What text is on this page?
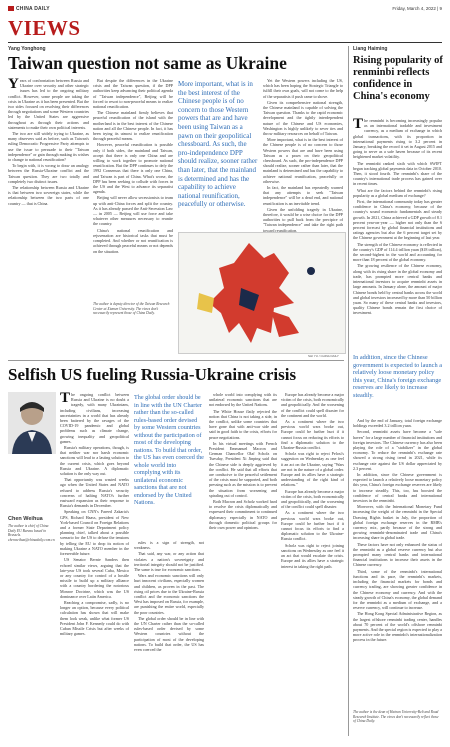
CHINA DAILY	Friday, March 4, 2022 | 9
VIEWS
Yang Yonghong
Taiwan question not same as Ukraine

Years of confrontation between Russia and Ukraine over security and other strategic issues has led to the ongoing military conflict. However, some people are taking the crisis in Ukraine as it has been presented. But the two sides focused on resolving their differences through negotiations and some Western countries led by the United States are aggressive throughout as through their actions and statements to make their own political interests.

The two are still widely trying to Ukraine, as many observers said as before, such as Taiwan's ruling Democratic Progressive Party attempts to use the issue to persuade to their "Taiwan independence" or gain through making its wishes to change to national reunification?

To begin with, it is wrong to draw an analogy between the Russia-Ukraine conflict and the Taiwan question. They are two totally and completely two distinct issues.

The relationship between Russia and Ukraine is that between two sovereign states, while the relationship between the two parts of one country — that is China.

But despite the differences in the Ukraine crisis and the Taiwan question, if the DPP authorities keep advancing their political agenda of "Taiwan independence", Beijing will be forced to resort to non-peaceful means to realize national reunification.

The Chinese mainland firmly believes that peaceful reunification of the island with the motherland is in the best interest of the Chinese nation and all the Chinese people. In fact, it has been trying its utmost to realize reunification through peaceful means.

However, peaceful reunification is possible only if both sides, the mainland and Taiwan, accept that there is only one China and are willing to work together to promote national reunification. But the DPP continues to defy the 1992 Consensus that there is only one China, and Taiwan is part of China. What's worse, the DPP has been seeking to collude with forces in the US and the West to advance its separatist agenda.

Beijing will never allow secessionists to team up with anti-China forces and split the country. As it has already passed the Anti-Secession Law — in 2005 — Beijing will use force and take whatever other measures necessary to reunite the country.

China's national reunification and rejuvenation are historical tasks that must be completed. And whether or not reunification is achieved through peaceful means or not depends on the situation.

More important, what is in the best interest of the Chinese people is of no concern to those Western powers that are and have been using Taiwan as a pawn on their geopolitical chessboard. As such, the pro-independence DPP should realize, sooner rather than later, that the mainland is determined and has the capability to achieve national reunification, peacefully or otherwise.

Yet the Western powers including the US, which has been hoping the Strategic Triangle to fulfill their own goals, will not come to the help of the separatists if push came to shove.

Given its comprehensive national strength, the Chinese mainland is capable of solving the Taiwan question. Thanks to the rapid economic development and the tightly interdependent nature of the Chinese and US economies, Washington is highly unlikely to sever ties and throw military resources on behalf of Taiwan.

More important, what is in the best interest of the Chinese people is of no concern to those Western powers that are and have been using Taiwan as a pawn on their geopolitical chessboard. As such, the pro-independence DPP should realize, sooner rather than later, that the mainland is determined and has the capability to achieve national reunification, peacefully or otherwise.

In fact, the mainland has repeatedly warned that any attempts to seek "Taiwan independence" will be a dead end, and national reunification is an inevitable trend.

Given the unfolding tragedy in Ukraine, therefore, it would be a wise choice for the DPP authorities to pull back from the precipice of "Taiwan independence" and take the right path toward reunification.

SHI YU / CHINA DAILY
The author is deputy director of the Taiwan Research Center at Xiamen University. The views don't necessarily represent those of China Daily.
Liang Haiming
Rising popularity of renminbi reflects confidence in China's economy

The renminbi is becoming increasingly popular as an international tradable and investment currency, as a medium of exchange in which global transactions, with its proportion in international payments rising to 3.2 percent in January, breaking the record it set in August 2015 and going to serve as a safe haven because of its recent heightened market volatility.

The renminbi ranked sixth with which SWIFT began tracking global payments data in October 2010. Then, it stood fourth. The renminbi's share of the country's international trade process has gained over in recent times.

What are the factors behind the renminbi's rising popularity as a global medium of exchange?

First, the international community today has greater confidence in China's economy, because of the country's sound economic fundamentals and steady growth. In 2021, China achieved a GDP growth of 8.1 percent year-on-year — higher not only than the 6 percent forecast by global financial institutions and ratings agencies but also the 6 percent target set by the Chinese government at the beginning of last year.

The strength of the Chinese economy is reflected in the country's GDP of 114.4 trillion yuan ($18 trillion), the second-highest in the world and accounting for more than 18 percent of the global economy.

The growing resilience of the Chinese economy, along with its rising share in the global economy and trade, has prompted more central banks and international investors to acquire renminbi assets in large amounts. In January alone, the amount of major Chinese bonds held by central banks across the world and global investors increased by more than 50 billion yuan. So many of these central banks and investors, quality Chinese bonds remain the first choice of investment.

In addition, since the Chinese government is expected to launch a relatively loose monetary policy this year, China's foreign exchange reserves are likely to increase steadily.

And by the end of January, total foreign exchange holdings exceeded 3.2 trillion yuan.

Second, renminbi assets have become a "safe haven" for a large number of financial institutions and foreign investors. The Chinese currency has also been playing the role of a "stabilizer" in the global economy. To reduce the renminbi's exchange rate showed a strong rising trend in 2021, while its exchange rate against the US dollar appreciated by 2.3 percent.

In addition, since the Chinese government is expected to launch a relatively loose monetary policy this year, China's foreign exchange reserves are likely to increase steadily. This, too, has boosted the confidence of central banks and international investors in the renminbi.

Moreover, with the International Monetary Fund increasing the weight of the renminbi in the Special Drawing Rights basket in July, the proportion of global foreign exchange reserves in the RMB's currency mix, partly because of the strong and growing renminbi-denominated trade and China's increasing share in global trade.

These factors have not only enhanced the status of the renminbi as a global reserve currency but also prompted many central banks and international financial institutions to increase their assets in the Chinese currency.

Third, some of the renminbi's international functions and its pace, the renminbi's markets, including the financial markets for bonds and currency trading, are showing greater confidence in the Chinese economy and currency. And with the steady growth of China's economy, the global demand for the renminbi as a medium of exchange, and a reserve currency, will continue to increase.

The Hong Kong Special Administrative Region, as the largest offshore renminbi trading center, handles about 70 percent of the world's offshore renminbi payments. And the special region is expected to play a more active role in the renminbi's internationalization process in the future.

The author is the dean of Hainan University-Belt and Road Research Institute. The views don't necessarily reflect those of China Daily.
Selfish US fueling Russia-Ukraine crisis
Chen Weihua
The author is chief of China Daily EU Bureau based in Brussels. chenweihua@chinadaily.com.cn

The ongoing conflict between Russia and Ukraine is no doubt a tragedy, with many Ukrainians, including civilians, increasing uncertainties in a world that has already been battered by the ravages of the COVID-19 pandemic and global problems such as climate change, growing inequality and geopolitical games.

Russia's military operations, though, is that neither war nor harsh economic sanctions will lead to a lasting solution to the current crisis, which goes beyond Russia and Ukraine. A diplomatic solution is the only way out.

That opportunity was wasted weeks ago when the United States and NATO refused to address Russia's security concerns of halting NATO's further eastward expansion as their response to Russia's demands in December.

Speaking on CNN's Fareed Zakaria's GPS, Richard Haass, president of New York-based Council on Foreign Relations and a former State Department policy planning chief, talked about a possible scenario for the US to defuse the tensions by telling the EU to drop its notion of making Ukraine a NATO member in the foreseeable future.

US Senator Bernie Sanders then echoed similar views, arguing that the late-year US took several Cuba, Mexico or any country for control of a hostile missile to build up a military alliance with a country bordering the notorious Monroe Doctrine, which was the US dominance over Latin America.

Reaching a compromise, sadly, is no longer an option, because every political calculation has shown that will make them look weak, unlike what former US President John F. Kennedy could do with Cuban Missile Crisis but after weeks of military games.

The global order should be in line with the UN Charter rather than the so-called rules-based order devised by some Western countries without the participation of most of the developing nations. To build that order, the US has even coerced the whole world into complying with its unilateral economic sanctions that are not endorsed by the United Nations.

rules is a sign of strength, not weakness.

That said, any war, or any action that violates a nation's sovereignty and territorial integrity should not be justified. The same is true for economic sanctions.

Wars and economic sanctions will only hurt innocent civilians, especially women and children, as proven in the past. The rising oil prices due to the Ukraine-Russia conflict and the economic sanctions the West has imposed on Russia, for example, are punishing the entire world, especially the poor countries.

The global order should be in line with the UN Charter rather than the so-called rules-based order devised by some Western countries without the participation of most of the developing nations. To build that order, the US has even coerced the

whole world into complying with its unilateral economic sanctions that are not endorsed by the United Nations.

The White House flatly rejected the notion that China is not taking a side, in the conflict, unlike some countries that have gone that with anti-war side and said in good faith to the crisis, efforts for peace negotiations.

In his virtual meetings with French President Emmanuel Macron and German Chancellor Olaf Scholz on Tuesday, President Xi Jinping said that the Chinese side is deeply aggrieved by the conflict. He said that all efforts that are conducive to the peaceful settlement of the crisis must be supported, and both pressing such as the mission is to prevent the situation from worsening and spiraling out of control.

Both Macron and Scholz worked hard to resolve the crisis diplomatically and expressed their commitment to continued diplomacy especially in NATO and through domestic political groups for their own power and opinions.

Europe has already become a major victim of the crisis, both economically and geopolitically. And the worsening of the conflict could spell disaster for the continent and the world.

As a continent where the two previous world wars broke out, Europe could be further hurt if it cannot focus on reducing its efforts to find a diplomatic solution to the Ukraine-Russia conflict.

Scholz was right to reject Pelosi's suggestion on Wednesday as one feel it an act on the Ukraine, saying "Wars are not in the nature of a global order. Europe and its allies have a strategic understanding of the right kind of relations."

Europe has already become a major victim of the crisis, both economically and geopolitically, and the worsening of the conflict could spell disaster.

As a continent where the two previous world wars broke out, Europe could be further hurt if it cannot focus its efforts to find a diplomatic solution to the Ukraine-Russia conflict.

Scholz was right to reject joining sanctions on Wednesday as one feel it an act that would escalate the crisis. Europe and its allies have a strategic interest in taking the right path.
